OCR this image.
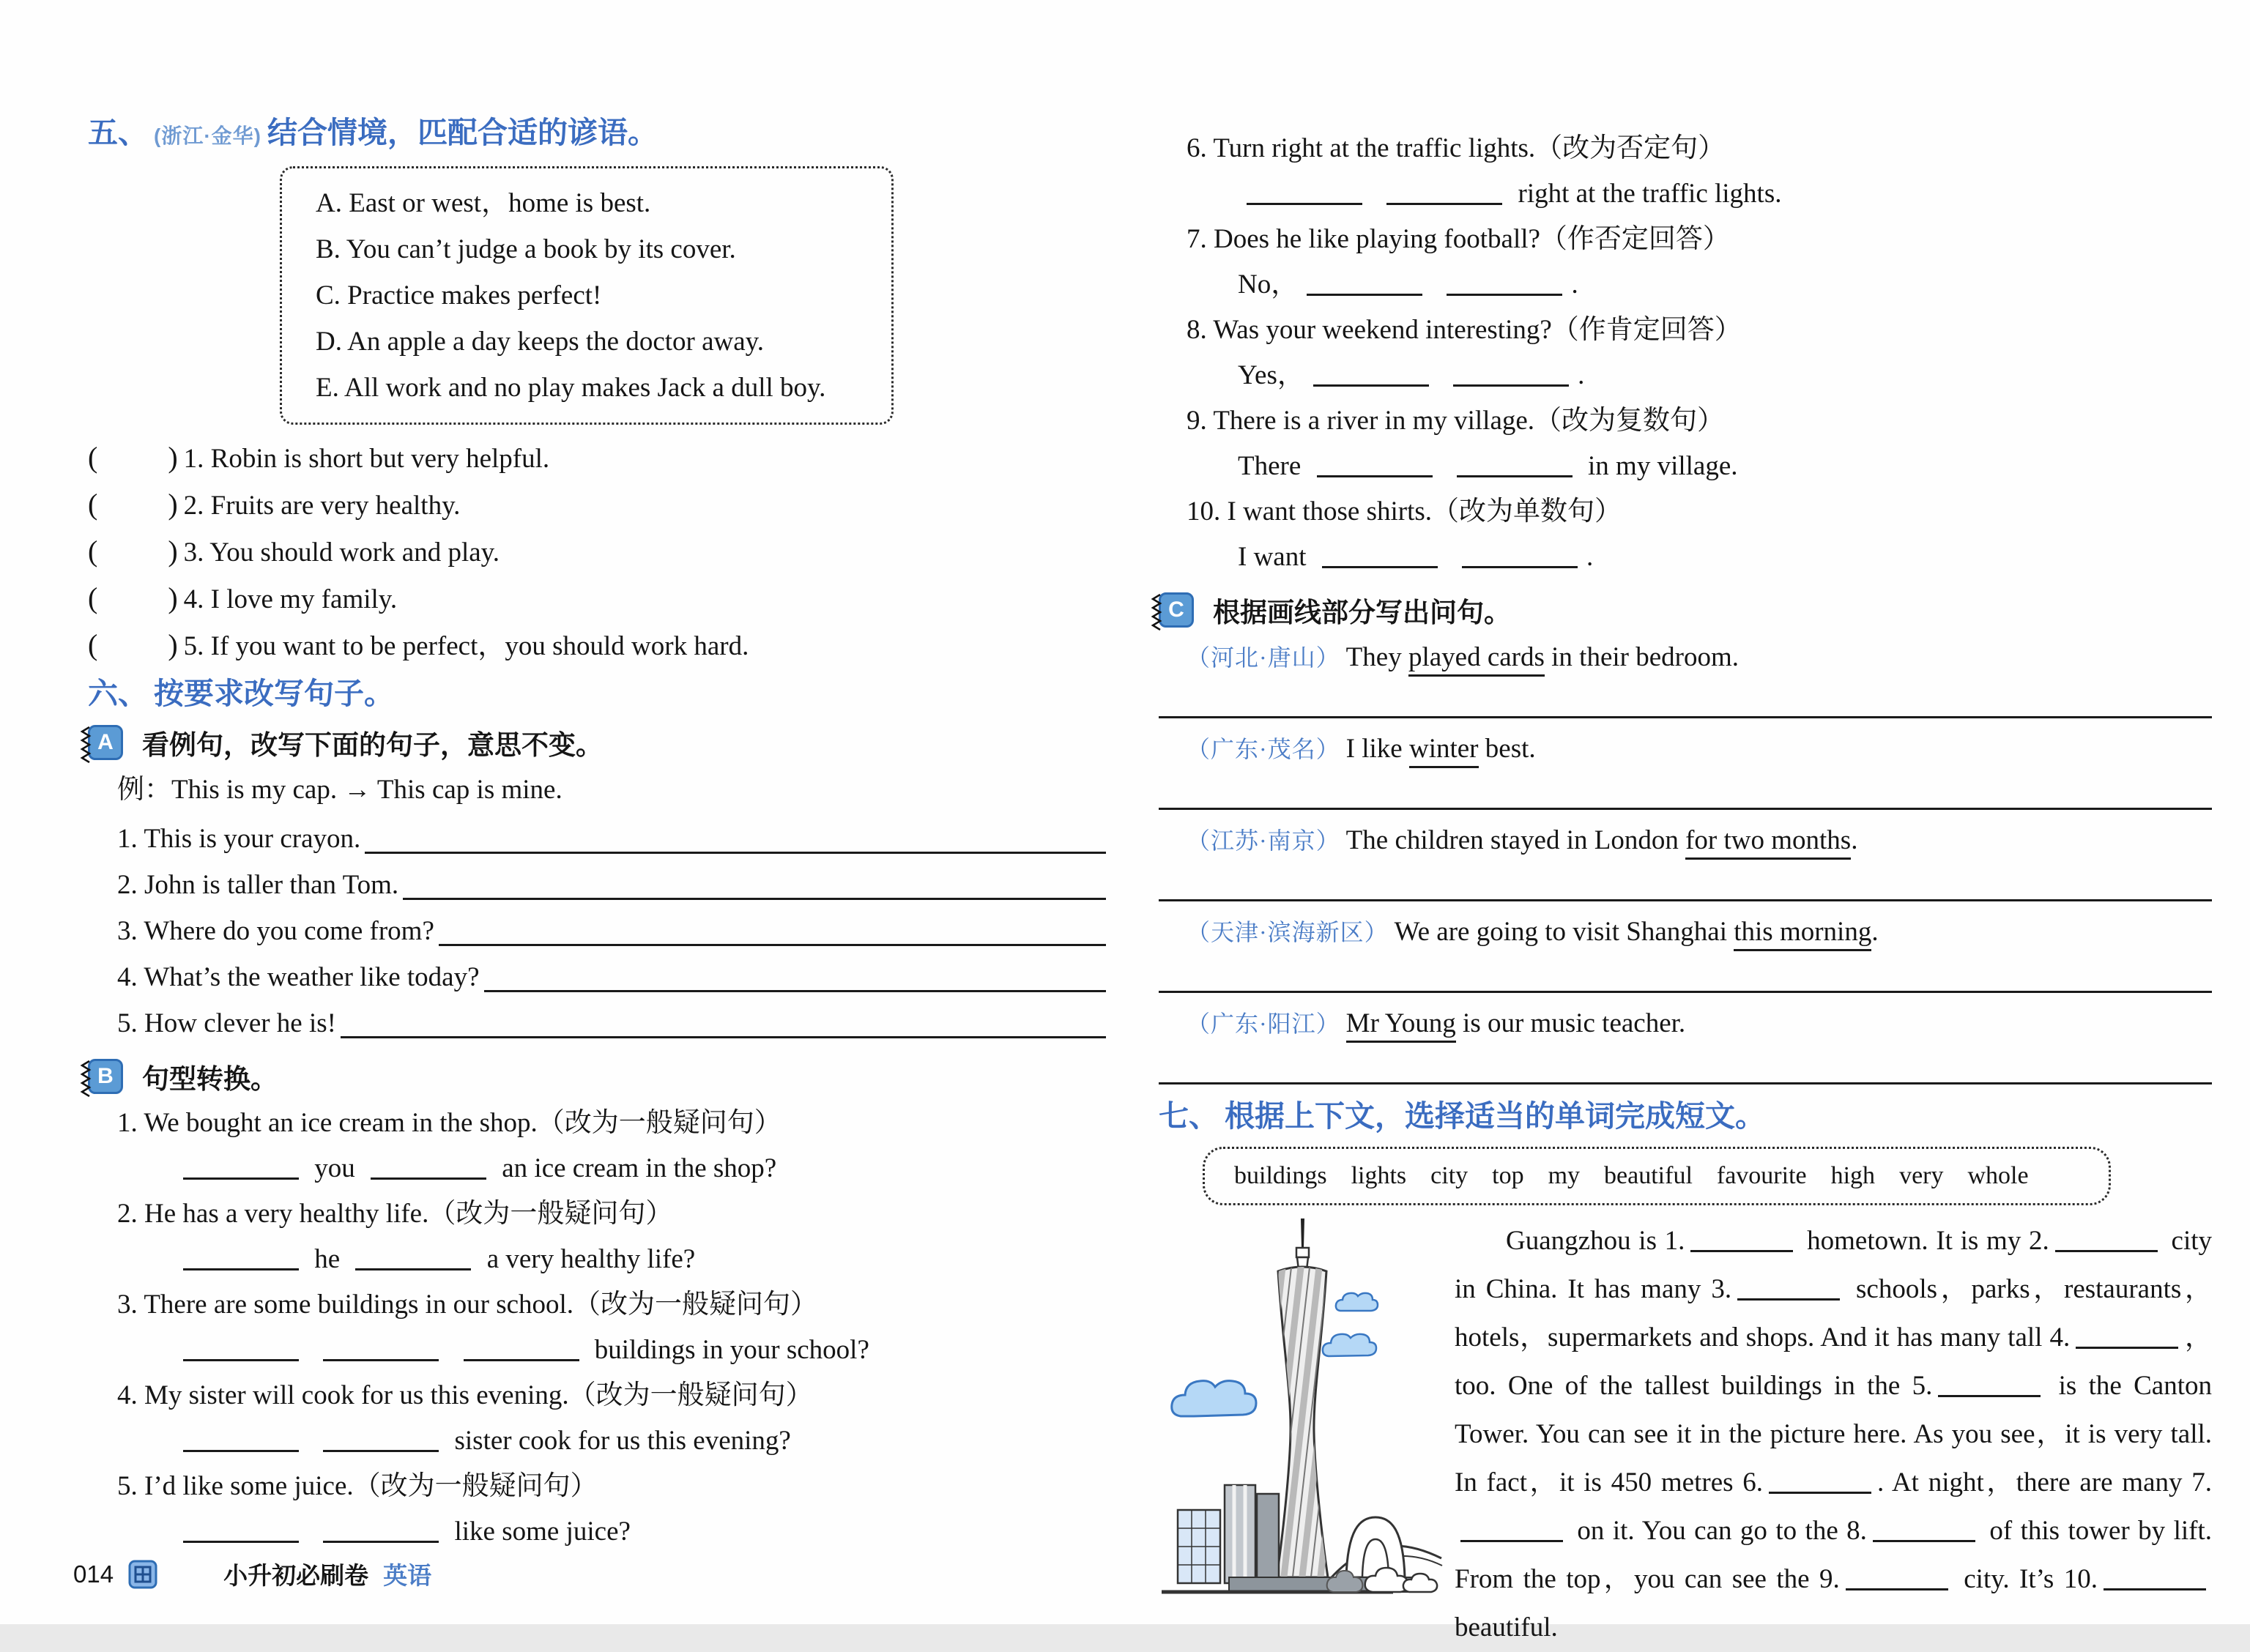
五、 (浙江·金华) 结合情境，匹配合适的谚语。
A. East or west，home is best.
B. You can’t judge a book by its cover.
C. Practice makes perfect!
D. An apple a day keeps the doctor away.
E. All work and no play makes Jack a dull boy.
( ) 1. Robin is short but very helpful.
( ) 2. Fruits are very healthy.
( ) 3. You should work and play.
( ) 4. I love my family.
( ) 5. If you want to be perfect，you should work hard.
六、 按要求改写句子。
A 看例句，改写下面的句子，意思不变。
例：This is my cap. → This cap is mine.
1. This is your crayon.
2. John is taller than Tom.
3. Where do you come from?
4. What’s the weather like today?
5. How clever he is!
B 句型转换。
1. We bought an ice cream in the shop.（改为一般疑问句）
you	an ice cream in the shop?
2. He has a very healthy life.（改为一般疑问句）
he	a very healthy life?
3. There are some buildings in our school.（改为一般疑问句）
buildings in your school?
4. My sister will cook for us this evening.（改为一般疑问句）
sister cook for us this evening?
5. I’d like some juice.（改为一般疑问句）
like some juice?
6. Turn right at the traffic lights.（改为否定句）
right at the traffic lights.
7. Does he like playing football?（作否定回答）
No，	.
8. Was your weekend interesting?（作肯定回答）
Yes，	.
9. There is a river in my village.（改为复数句）
There	in my village.
10. I want those shirts.（改为单数句）
I want	.
C 根据画线部分写出问句。
（河北·唐山） They played cards in their bedroom.
（广东·茂名） I like winter best.
（江苏·南京） The children stayed in London for two months.
（天津·滨海新区） We are going to visit Shanghai this morning.
（广东·阳江） Mr Young is our music teacher.
七、 根据上下文，选择适当的单词完成短文。
buildings lights city top my beautiful favourite high very whole

Guangzhou is 1.	hometown. It is my 2.	city in China. It has many 3.	schools，parks，restaurants，hotels，supermarkets and shops. And it has many tall 4.	，too. One of the tallest buildings in the 5.	is the Canton Tower. You can see it in the picture here. As you see，it is very tall. In fact，it is 450 metres 6.	. At night，there are many 7. on it. You can go to the 8.	of this tower by lift. From the top，you can see the 9.	city. It’s 10. beautiful.

014	小升初必刷卷 英语
